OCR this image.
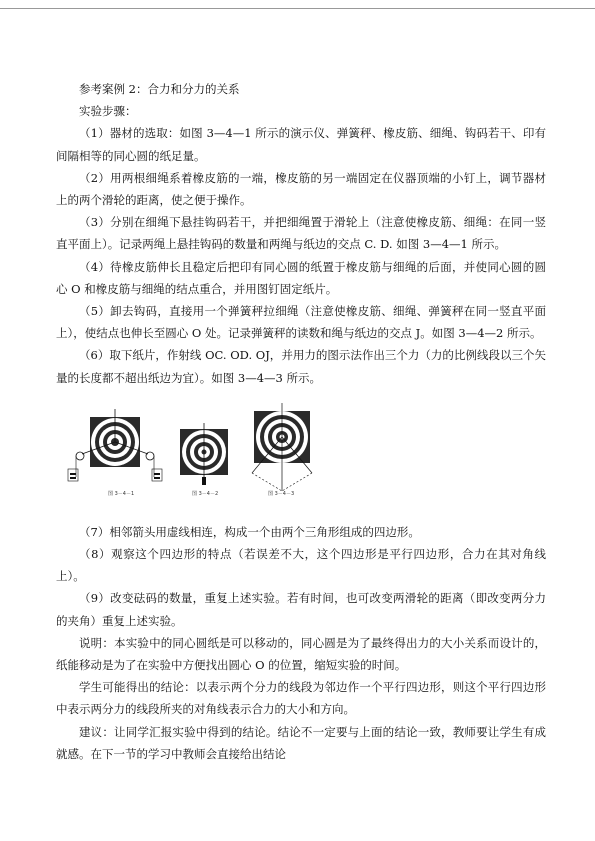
参考案例 2：合力和分力的关系

实验步骤：

（1）器材的选取：如图 3—4—1 所示的演示仪、弹簧秤、橡皮筋、细绳、钩码若干、印有间隔相等的同心圆的纸足量。

（2）用两根细绳系着橡皮筋的一端，橡皮筋的另一端固定在仪器顶端的小钉上，调节器材上的两个滑轮的距离，使之便于操作。

（3）分别在细绳下悬挂钩码若干，并把细绳置于滑轮上（注意使橡皮筋、细绳：在同一竖直平面上）。记录两绳上悬挂钩码的数量和两绳与纸边的交点 C. D. 如图 3—4—1 所示。

（4）待橡皮筋伸长且稳定后把印有同心圆的纸置于橡皮筋与细绳的后面，并使同心圆的圆心 O 和橡皮筋与细绳的结点重合，并用图钉固定纸片。

（5）卸去钩码，直接用一个弹簧秤拉细绳（注意使橡皮筋、细绳、弹簧秤在同一竖直平面上），使结点也伸长至圆心 O 处。记录弹簧秤的读数和绳与纸边的交点 J。如图 3—4—2 所示。

（6）取下纸片，作射线 OC. OD. OJ，并用力的图示法作出三个力（力的比例线段以三个矢量的长度都不超出纸边为宜）。如图 3—4—3 所示。

图 3－4－1	图 3－4－2	图 3－4－3

（7）相邻箭头用虚线相连，构成一个由两个三角形组成的四边形。

（8）观察这个四边形的特点（若误差不大，这个四边形是平行四边形，合力在其对角线上）。

（9）改变砝码的数量，重复上述实验。若有时间，也可改变两滑轮的距离（即改变两分力的夹角）重复上述实验。

说明：本实验中的同心圆纸是可以移动的，同心圆是为了最终得出力的大小关系而设计的，纸能移动是为了在实验中方便找出圆心 O 的位置，缩短实验的时间。

学生可能得出的结论：以表示两个分力的线段为邻边作一个平行四边形，则这个平行四边形中表示两分力的线段所夹的对角线表示合力的大小和方向。

建议：让同学汇报实验中得到的结论。结论不一定要与上面的结论一致，教师要让学生有成就感。在下一节的学习中教师会直接给出结论
